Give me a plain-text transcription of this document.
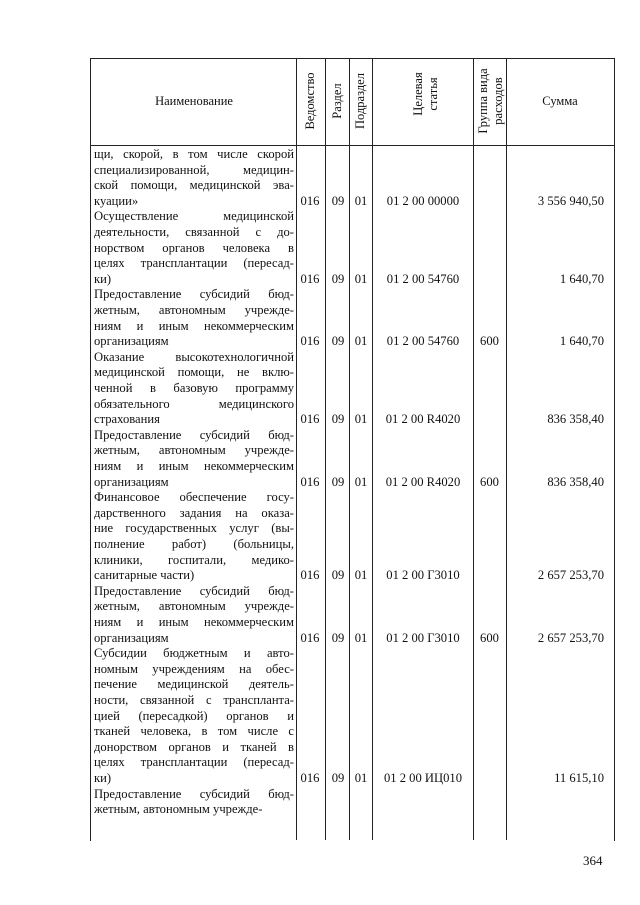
Наименование	Ведомство Раздел Подраздел	Целевая статья	Группа вида расходов	Сумма
щи, скорой, в том числе скорой
специализированной, медицин-
ской помощи, медицинской эва-
куации»	016 09 01	01 2 00 00000	3 556 940,50
Осуществление медицинской
деятельности, связанной с до-
норством органов человека в
целях трансплантации (пересад-
ки)	016 09 01	01 2 00 54760	1 640,70
Предоставление субсидий бюд-
жетным, автономным учрежде-
ниям и иным некоммерческим
организациям	016 09 01	01 2 00 54760	600	1 640,70
Оказание высокотехнологичной
медицинской помощи, не вклю-
ченной в базовую программу
обязательного медицинского
страхования	016 09 01	01 2 00 R4020	836 358,40
Предоставление субсидий бюд-
жетным, автономным учрежде-
ниям и иным некоммерческим
организациям	016 09 01	01 2 00 R4020	600	836 358,40
Финансовое обеспечение госу-
дарственного задания на оказа-
ние государственных услуг (вы-
полнение работ) (больницы,
клиники, госпитали, медико-
санитарные части)	016 09 01	01 2 00 Г3010	2 657 253,70
Предоставление субсидий бюд-
жетным, автономным учрежде-
ниям и иным некоммерческим
организациям	016 09 01	01 2 00 Г3010	600	2 657 253,70
Субсидии бюджетным и авто-
номным учреждениям на обес-
печение медицинской деятель-
ности, связанной с транспланта-
цией (пересадкой) органов и
тканей человека, в том числе с
донорством органов и тканей в
целях трансплантации (пересад-
ки)	016 09 01	01 2 00 ИЦ010	11 615,10
Предоставление субсидий бюд-
жетным, автономным учрежде-
364
